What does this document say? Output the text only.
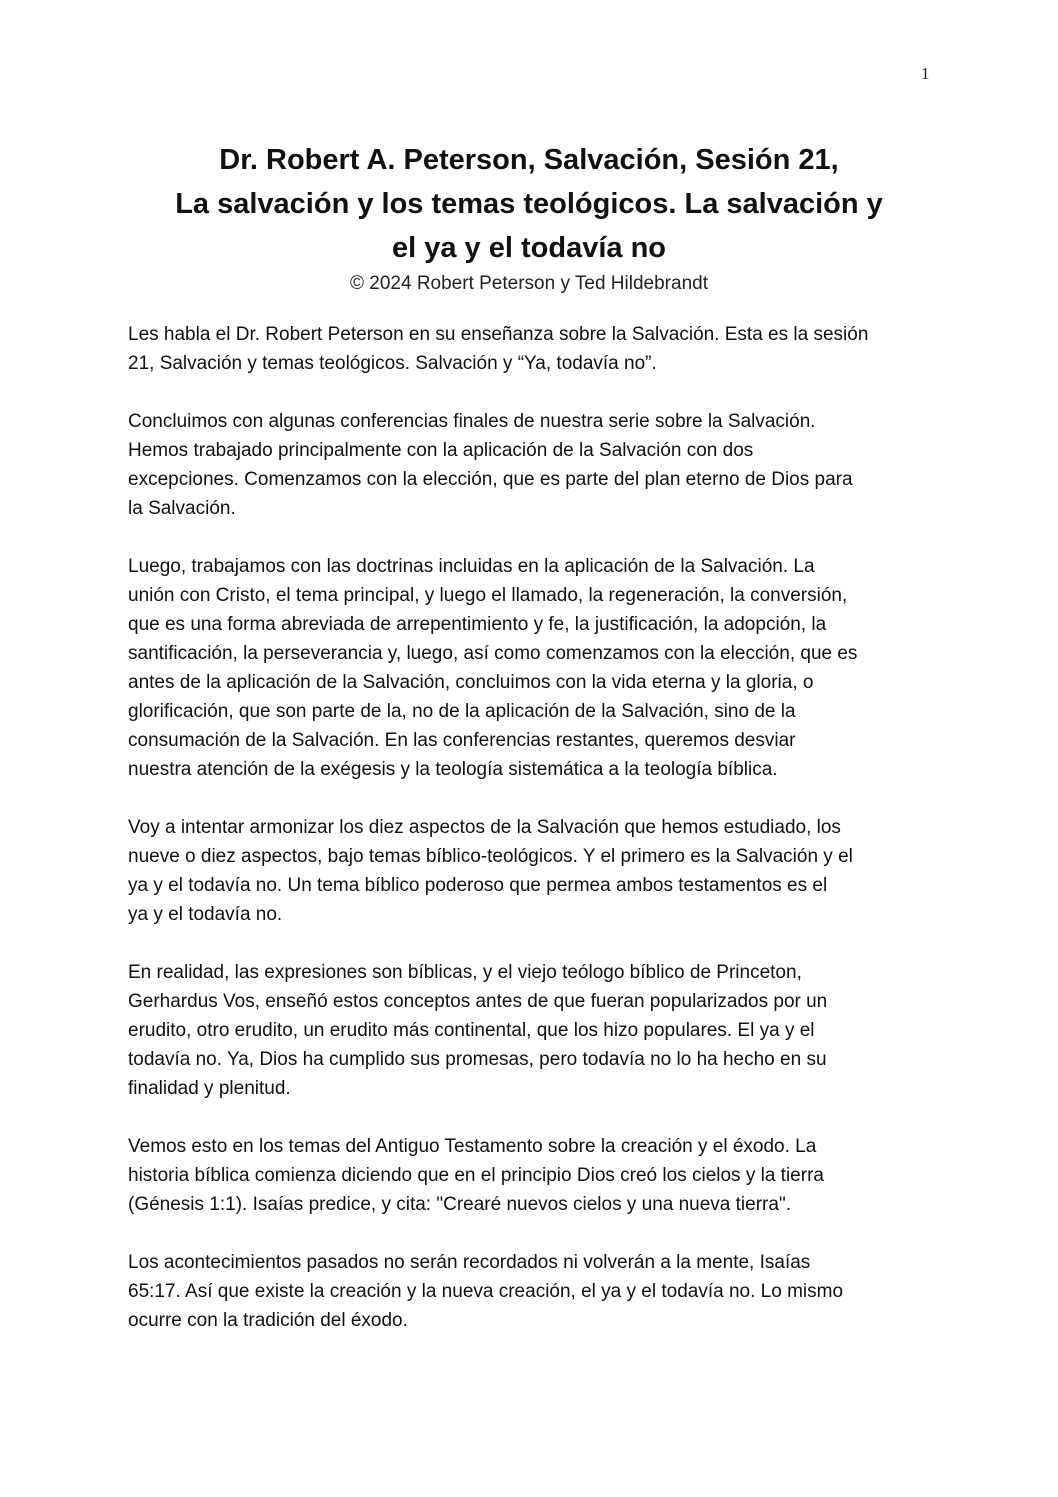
1
Dr. Robert A. Peterson, Salvación, Sesión 21,
La salvación y los temas teológicos. La salvación y
el ya y el todavía no
© 2024 Robert Peterson y Ted Hildebrandt

Les habla el Dr. Robert Peterson en su enseñanza sobre la Salvación. Esta es la sesión
21, Salvación y temas teológicos. Salvación y “Ya, todavía no”.

Concluimos con algunas conferencias finales de nuestra serie sobre la Salvación.
Hemos trabajado principalmente con la aplicación de la Salvación con dos
excepciones. Comenzamos con la elección, que es parte del plan eterno de Dios para
la Salvación.

Luego, trabajamos con las doctrinas incluidas en la aplicación de la Salvación. La
unión con Cristo, el tema principal, y luego el llamado, la regeneración, la conversión,
que es una forma abreviada de arrepentimiento y fe, la justificación, la adopción, la
santificación, la perseverancia y, luego, así como comenzamos con la elección, que es
antes de la aplicación de la Salvación, concluimos con la vida eterna y la gloria, o
glorificación, que son parte de la, no de la aplicación de la Salvación, sino de la
consumación de la Salvación. En las conferencias restantes, queremos desviar
nuestra atención de la exégesis y la teología sistemática a la teología bíblica.

Voy a intentar armonizar los diez aspectos de la Salvación que hemos estudiado, los
nueve o diez aspectos, bajo temas bíblico-teológicos. Y el primero es la Salvación y el
ya y el todavía no. Un tema bíblico poderoso que permea ambos testamentos es el
ya y el todavía no.

En realidad, las expresiones son bíblicas, y el viejo teólogo bíblico de Princeton,
Gerhardus Vos, enseñó estos conceptos antes de que fueran popularizados por un
erudito, otro erudito, un erudito más continental, que los hizo populares. El ya y el
todavía no. Ya, Dios ha cumplido sus promesas, pero todavía no lo ha hecho en su
finalidad y plenitud.

Vemos esto en los temas del Antiguo Testamento sobre la creación y el éxodo. La
historia bíblica comienza diciendo que en el principio Dios creó los cielos y la tierra
(Génesis 1:1). Isaías predice, y cita: "Crearé nuevos cielos y una nueva tierra".

Los acontecimientos pasados no serán recordados ni volverán a la mente, Isaías
65:17. Así que existe la creación y la nueva creación, el ya y el todavía no. Lo mismo
ocurre con la tradición del éxodo.
